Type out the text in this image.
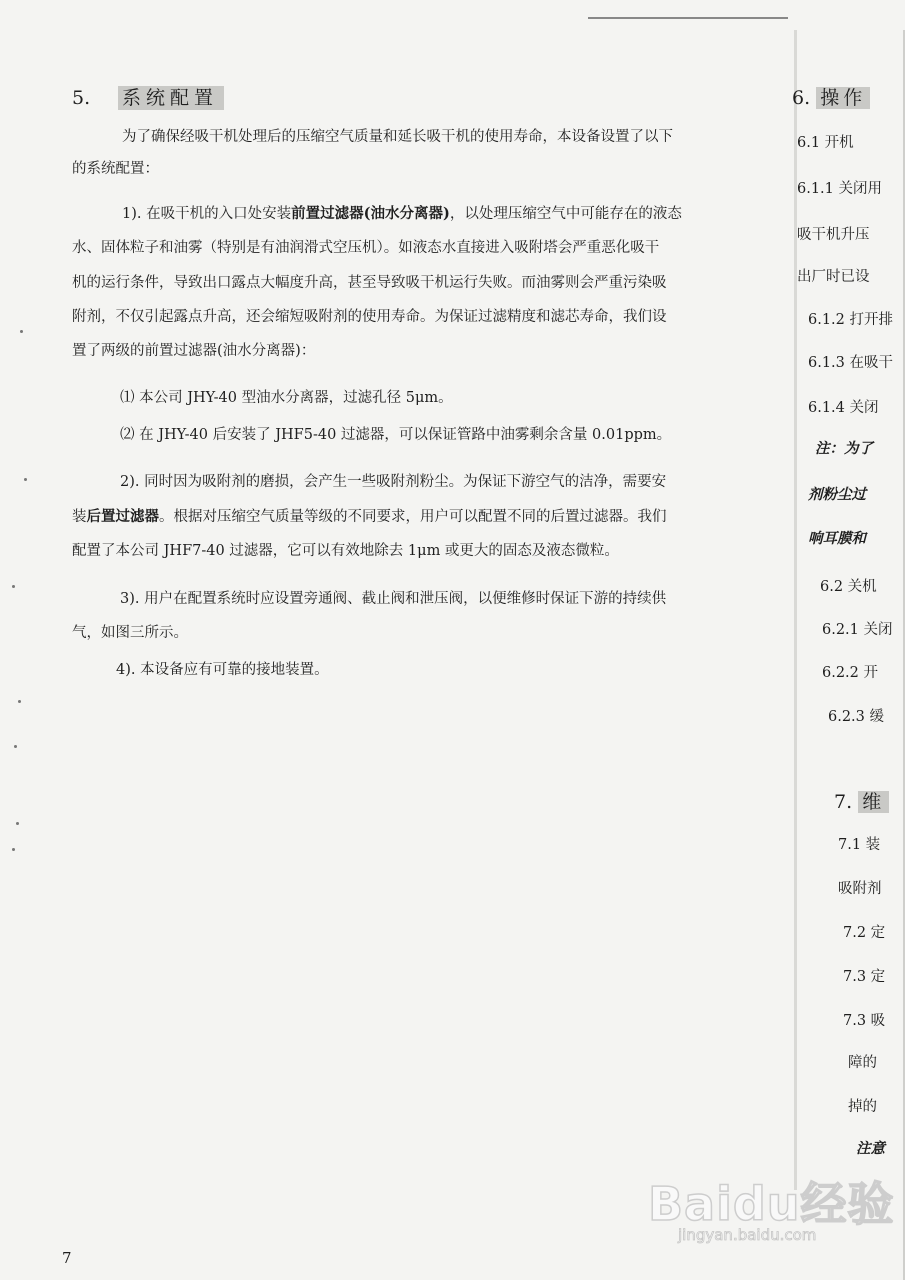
5. 系统配置
为了确保经吸干机处理后的压缩空气质量和延长吸干机的使用寿命，本设备设置了以下
的系统配置：
1). 在吸干机的入口处安装前置过滤器(油水分离器)，以处理压缩空气中可能存在的液态
水、固体粒子和油雾（特别是有油润滑式空压机）。如液态水直接进入吸附塔会严重恶化吸干
机的运行条件，导致出口露点大幅度升高，甚至导致吸干机运行失败。而油雾则会严重污染吸
附剂，不仅引起露点升高，还会缩短吸附剂的使用寿命。为保证过滤精度和滤芯寿命，我们设
置了两级的前置过滤器(油水分离器)：
⑴ 本公司 JHY-40 型油水分离器，过滤孔径 5μm。
⑵ 在 JHY-40 后安装了 JHF5-40 过滤器，可以保证管路中油雾剩余含量 0.01ppm。
2). 同时因为吸附剂的磨损，会产生一些吸附剂粉尘。为保证下游空气的洁净，需要安
装后置过滤器。根据对压缩空气质量等级的不同要求，用户可以配置不同的后置过滤器。我们
配置了本公司 JHF7-40 过滤器，它可以有效地除去 1μm 或更大的固态及液态微粒。
3). 用户在配置系统时应设置旁通阀、截止阀和泄压阀，以便维修时保证下游的持续供
气，如图三所示。
4). 本设备应有可靠的接地装置。
6. 操作
6.1 开机
6.1.1 关闭用
吸干机升压
出厂时已设
6.1.2 打开排
6.1.3 在吸干
6.1.4 关闭
注：为了
剂粉尘过
响耳膜和
6.2 关机
6.2.1 关闭
6.2.2 开
6.2.3 缓
7. 维
7.1 装
吸附剂
7.2 定
7.3 定
7.3 吸
障的
掉的
注意
7
Baidu经验
jingyan.baidu.com
